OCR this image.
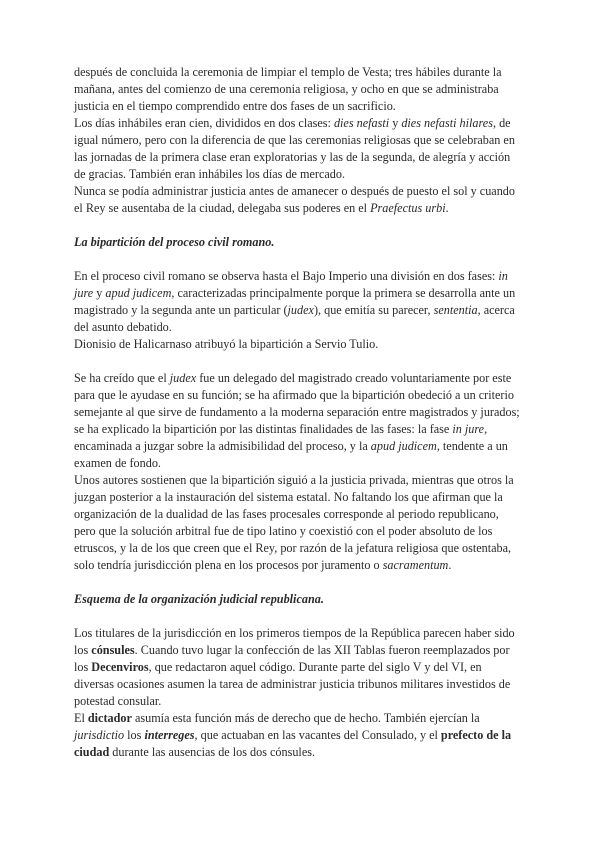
después de concluida la ceremonia de limpiar el templo de Vesta; tres hábiles durante la mañana, antes del comienzo de una ceremonia religiosa, y ocho en que se administraba justicia en el tiempo comprendido entre dos fases de un sacrificio.

Los días inhábiles eran cien, divididos en dos clases: dies nefasti y dies nefasti hilares, de igual número, pero con la diferencia de que las ceremonias religiosas que se celebraban en las jornadas de la primera clase eran exploratorias y las de la segunda, de alegría y acción de gracias. También eran inhábiles los días de mercado.

Nunca se podía administrar justicia antes de amanecer o después de puesto el sol y cuando el Rey se ausentaba de la ciudad, delegaba sus poderes en el Praefectus urbi.

La bipartición del proceso civil romano.

En el proceso civil romano se observa hasta el Bajo Imperio una división en dos fases: in jure y apud judicem, caracterizadas principalmente porque la primera se desarrolla ante un magistrado y la segunda ante un particular (judex), que emitía su parecer, sententia, acerca del asunto debatido.

Dionisio de Halicarnaso atribuyó la bipartición a Servio Tulio.

Se ha creído que el judex fue un delegado del magistrado creado voluntariamente por este para que le ayudase en su función; se ha afirmado que la bipartición obedeció a un criterio semejante al que sirve de fundamento a la moderna separación entre magistrados y jurados; se ha explicado la bipartición por las distintas finalidades de las fases: la fase in jure, encaminada a juzgar sobre la admisibilidad del proceso, y la apud judicem, tendente a un examen de fondo.

Unos autores sostienen que la bipartición siguió a la justicia privada, mientras que otros la juzgan posterior a la instauración del sistema estatal. No faltando los que afirman que la organización de la dualidad de las fases procesales corresponde al periodo republicano, pero que la solución arbitral fue de tipo latino y coexistió con el poder absoluto de los etruscos, y la de los que creen que el Rey, por razón de la jefatura religiosa que ostentaba, solo tendría jurisdicción plena en los procesos por juramento o sacramentum.

Esquema de la organización judicial republicana.

Los titulares de la jurisdicción en los primeros tiempos de la República parecen haber sido los cónsules. Cuando tuvo lugar la confección de las XII Tablas fueron reemplazados por los Decenviros, que redactaron aquel código. Durante parte del siglo V y del VI, en diversas ocasiones asumen la tarea de administrar justicia tribunos militares investidos de potestad consular.

El dictador asumía esta función más de derecho que de hecho. También ejercían la jurisdictio los interreges, que actuaban en las vacantes del Consulado, y el prefecto de la ciudad durante las ausencias de los dos cónsules.
